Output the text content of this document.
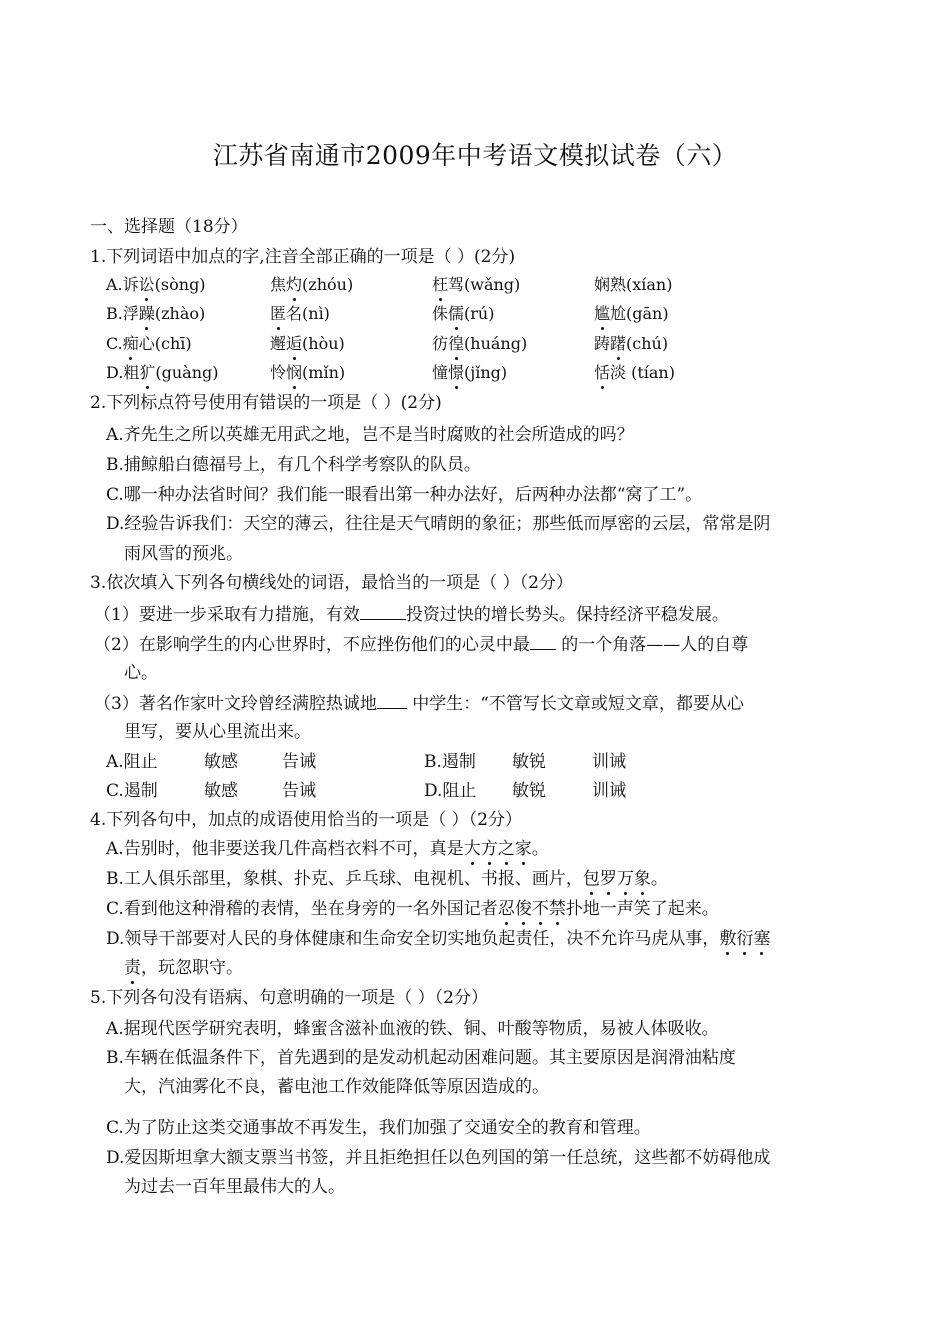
江苏省南通市2009年中考语文模拟试卷（六）
一、选择题（18分）
1.下列词语中加点的字,注音全部正确的一项是（ ）(2分)
A.诉讼(sòng)	焦灼(zhóu)	枉驾(wǎng)	娴熟(xían)
B.浮躁(zhào)	匿名(nì)	侏儒(rú)	尴尬(gān)
C.痴心(chī)	邂逅(hòu)	彷徨(huáng)	踌躇(chú)
D.粗犷(guàng)	怜悯(mǐn)	憧憬(jǐng)	恬淡 (tían)
2.下列标点符号使用有错误的一项是（ ）(2分)
A.齐先生之所以英雄无用武之地，岂不是当时腐败的社会所造成的吗？
B.捕鲸船白德福号上，有几个科学考察队的队员。
C.哪一种办法省时间？我们能一眼看出第一种办法好，后两种办法都“窝了工”。
D.经验告诉我们：天空的薄云，往往是天气晴朗的象征；那些低而厚密的云层，常常是阴
雨风雪的预兆。
3.依次填入下列各句横线处的词语，最恰当的一项是（ ）（2分）
（1）要进一步采取有力措施，有效	投资过快的增长势头。保持经济平稳发展。
（2）在影响学生的内心世界时，不应挫伤他们的心灵中最 的一个角落——人的自尊
心。
（3）著名作家叶文玲曾经满腔热诚地 中学生：“不管写长文章或短文章，都要从心
里写，要从心里流出来。
A.阻止	敏感	告诫	B.遏制 敏锐	训诫
C.遏制	敏感	告诫	D.阻止 敏锐	训诫
4.下列各句中，加点的成语使用恰当的一项是（ ）（2分）
A.告别时，他非要送我几件高档衣料不可，真是大方之家。
B.工人俱乐部里，象棋、扑克、乒乓球、电视机、书报、画片，包罗万象。
C.看到他这种滑稽的表情，坐在身旁的一名外国记者忍俊不禁扑地一声笑了起来。
D.领导干部要对人民的身体健康和生命安全切实地负起责任，决不允许马虎从事，敷衍塞
责，玩忽职守。
5.下列各句没有语病、句意明确的一项是（ ）（2分）
A.据现代医学研究表明，蜂蜜含滋补血液的铁、铜、叶酸等物质，易被人体吸收。
B.车辆在低温条件下，首先遇到的是发动机起动困难问题。其主要原因是润滑油粘度
大，汽油雾化不良，蓄电池工作效能降低等原因造成的。
C.为了防止这类交通事故不再发生，我们加强了交通安全的教育和管理。
D.爱因斯坦拿大额支票当书签，并且拒绝担任以色列国的第一任总统，这些都不妨碍他成
为过去一百年里最伟大的人。
